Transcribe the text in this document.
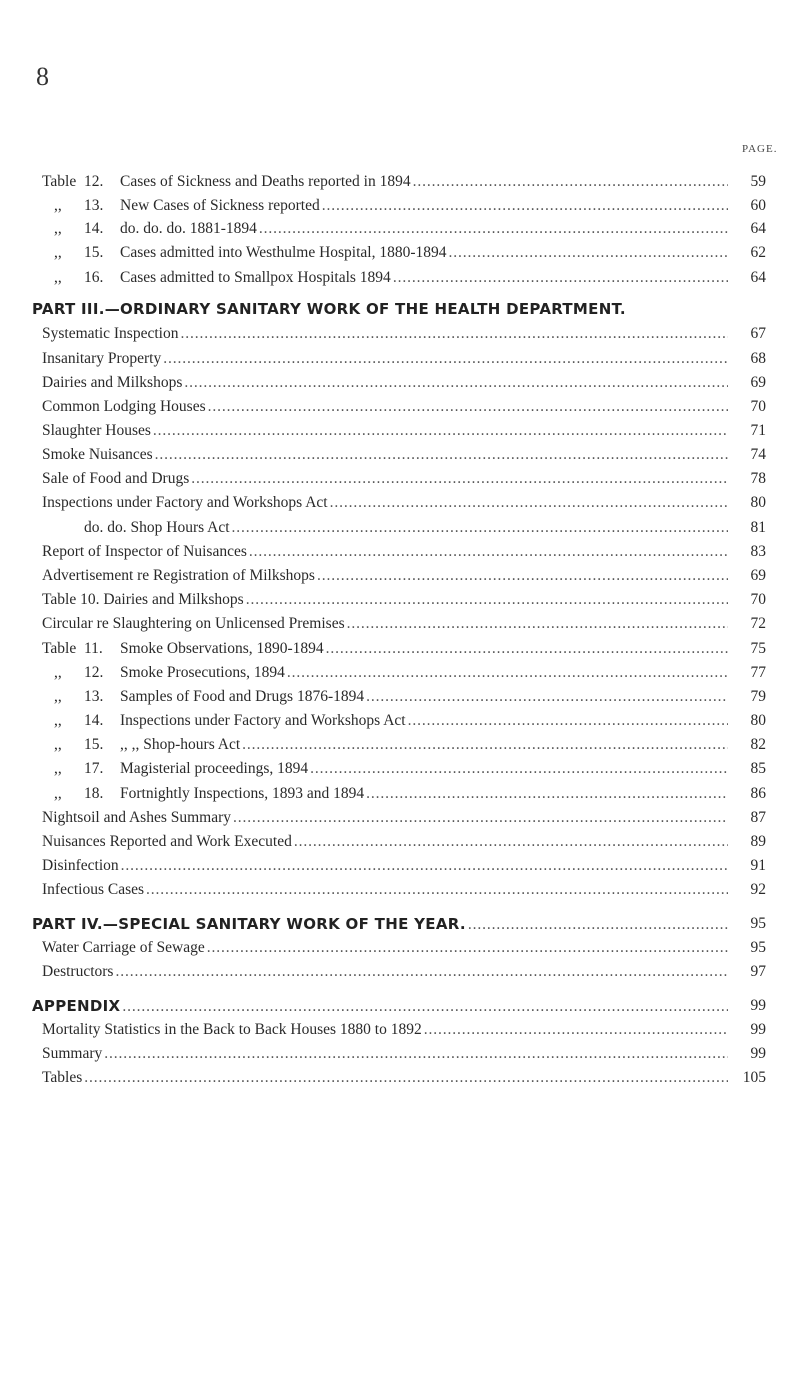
8
PAGE.
Table 12. Cases of Sickness and Deaths reported in 1894 . . .	59
,, 13. New Cases of Sickness reported . . .	60
,, 14. do. do. do. 1881-1894 . . .	64
,, 15. Cases admitted into Westhulme Hospital, 1880-1894 . . .	62
,, 16. Cases admitted to Smallpox Hospitals 1894 . . .	64
PART III.—ORDINARY SANITARY WORK OF THE HEALTH DEPARTMENT.
Systematic Inspection . . .	67
Insanitary Property . . .	68
Dairies and Milkshops . . .	69
Common Lodging Houses . . .	70
Slaughter Houses . . .	71
Smoke Nuisances . . .	74
Sale of Food and Drugs . . .	78
Inspections under Factory and Workshops Act . . .	80
do. do. Shop Hours Act . . .	81
Report of Inspector of Nuisances . . .	83
Advertisement re Registration of Milkshops . . .	69
Table 10. Dairies and Milkshops . . .	70
Circular re Slaughtering on Unlicensed Premises . . .	72
Table 11. Smoke Observations, 1890-1894 . . .	75
,, 12. Smoke Prosecutions, 1894 . . .	77
,, 13. Samples of Food and Drugs 1876-1894 . . .	79
,, 14. Inspections under Factory and Workshops Act . . .	80
,, 15. ,, ,, Shop-hours Act . . .	82
,, 17. Magisterial proceedings, 1894 . . .	85
,, 18. Fortnightly Inspections, 1893 and 1894 . . .	86
Nightsoil and Ashes Summary . . .	87
Nuisances Reported and Work Executed . . .	89
Disinfection . . .	91
Infectious Cases . . .	92
PART IV.—SPECIAL SANITARY WORK OF THE YEAR. . . .	95
Water Carriage of Sewage . . .	95
Destructors . . .	97
APPENDIX . . .	99
Mortality Statistics in the Back to Back Houses 1880 to 1892 . . .	99
Summary . . .	99
Tables . . .	105
